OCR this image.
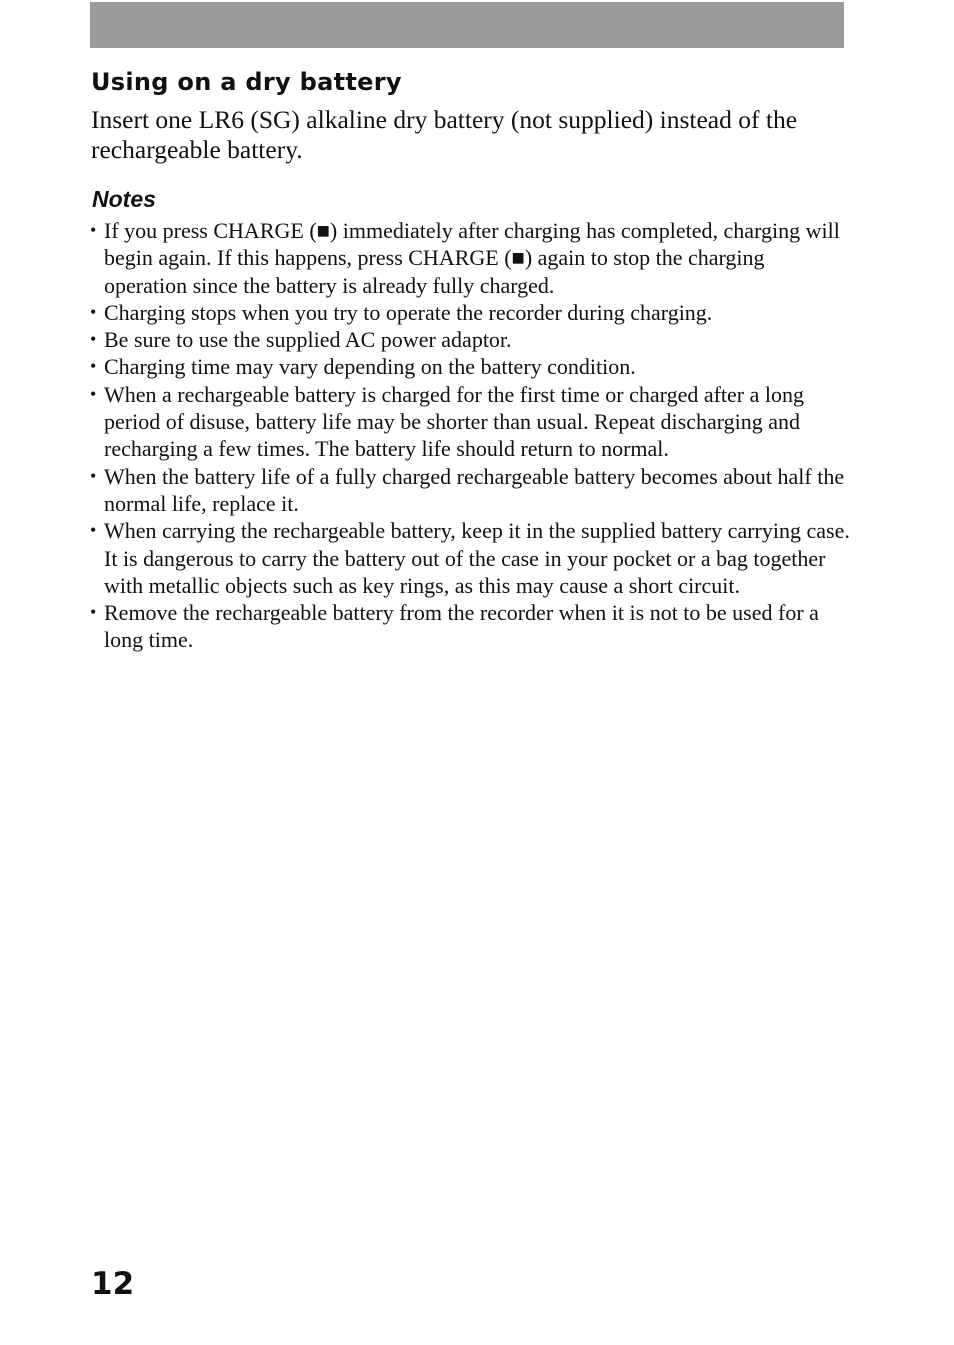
Using on a dry battery

Insert one LR6 (SG) alkaline dry battery (not supplied) instead of the rechargeable battery.

Notes
• If you press CHARGE (■) immediately after charging has completed, charging will begin again. If this happens, press CHARGE (■) again to stop the charging operation since the battery is already fully charged.
• Charging stops when you try to operate the recorder during charging.
• Be sure to use the supplied AC power adaptor.
• Charging time may vary depending on the battery condition.
• When a rechargeable battery is charged for the first time or charged after a long period of disuse, battery life may be shorter than usual. Repeat discharging and recharging a few times. The battery life should return to normal.
• When the battery life of a fully charged rechargeable battery becomes about half the normal life, replace it.
• When carrying the rechargeable battery, keep it in the supplied battery carrying case. It is dangerous to carry the battery out of the case in your pocket or a bag together with metallic objects such as key rings, as this may cause a short circuit.
• Remove the rechargeable battery from the recorder when it is not to be used for a long time.
12
